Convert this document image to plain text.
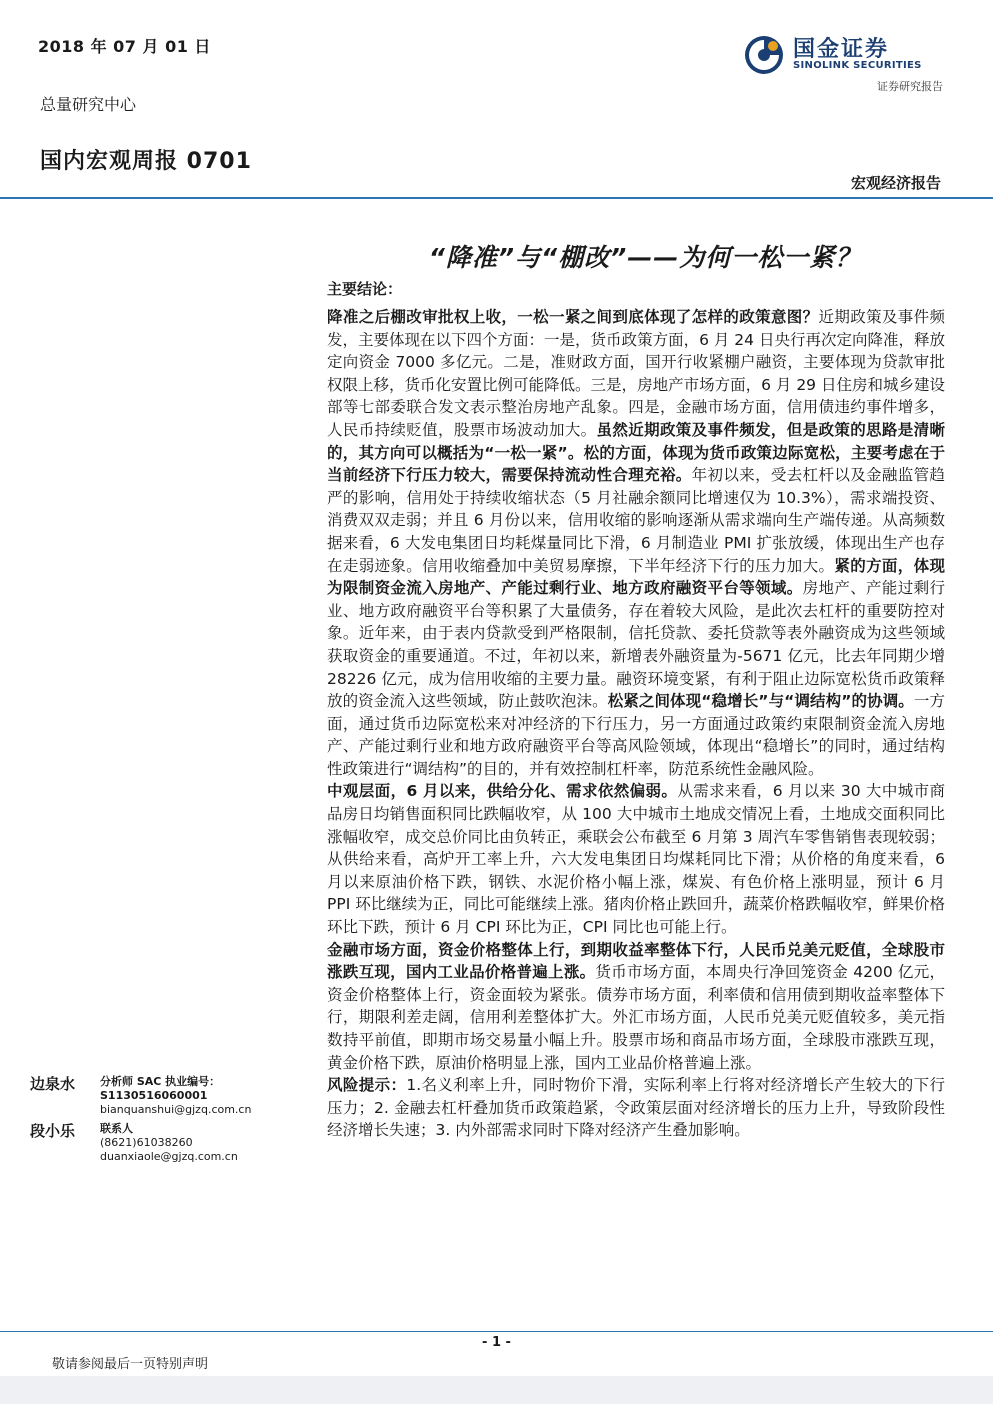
2018 年 07 月 01 日
总量研究中心
国内宏观周报 0701
国金证券
SINOLINK SECURITIES
证券研究报告
宏观经济报告
“降准”与“棚改”——为何一松一紧？
主要结论：

降准之后棚改审批权上收，一松一紧之间到底体现了怎样的政策意图？近期政策及事件频发，主要体现在以下四个方面：一是，货币政策方面，6 月 24 日央行再次定向降准，释放定向资金 7000 多亿元。二是，准财政方面，国开行收紧棚户融资，主要体现为贷款审批权限上移，货币化安置比例可能降低。三是，房地产市场方面，6 月 29 日住房和城乡建设部等七部委联合发文表示整治房地产乱象。四是，金融市场方面，信用债违约事件增多，人民币持续贬值，股票市场波动加大。虽然近期政策及事件频发，但是政策的思路是清晰的，其方向可以概括为“一松一紧”。松的方面，体现为货币政策边际宽松，主要考虑在于当前经济下行压力较大，需要保持流动性合理充裕。年初以来，受去杠杆以及金融监管趋严的影响，信用处于持续收缩状态（5 月社融余额同比增速仅为 10.3%），需求端投资、消费双双走弱；并且 6 月份以来，信用收缩的影响逐渐从需求端向生产端传递。从高频数据来看，6 大发电集团日均耗煤量同比下滑，6 月制造业 PMI 扩张放缓，体现出生产也存在走弱迹象。信用收缩叠加中美贸易摩擦，下半年经济下行的压力加大。紧的方面，体现为限制资金流入房地产、产能过剩行业、地方政府融资平台等领域。房地产、产能过剩行业、地方政府融资平台等积累了大量债务，存在着较大风险，是此次去杠杆的重要防控对象。近年来，由于表内贷款受到严格限制，信托贷款、委托贷款等表外融资成为这些领域获取资金的重要通道。不过，年初以来，新增表外融资量为-5671 亿元，比去年同期少增 28226 亿元，成为信用收缩的主要力量。融资环境变紧，有利于阻止边际宽松货币政策释放的资金流入这些领域，防止鼓吹泡沫。松紧之间体现“稳增长”与“调结构”的协调。一方面，通过货币边际宽松来对冲经济的下行压力，另一方面通过政策约束限制资金流入房地产、产能过剩行业和地方政府融资平台等高风险领域，体现出“稳增长”的同时，通过结构性政策进行“调结构”的目的，并有效控制杠杆率，防范系统性金融风险。

中观层面，6 月以来，供给分化、需求依然偏弱。从需求来看，6 月以来 30 大中城市商品房日均销售面积同比跌幅收窄，从 100 大中城市土地成交情况上看，土地成交面积同比涨幅收窄，成交总价同比由负转正，乘联会公布截至 6 月第 3 周汽车零售销售表现较弱；从供给来看，高炉开工率上升，六大发电集团日均煤耗同比下滑；从价格的角度来看，6 月以来原油价格下跌，钢铁、水泥价格小幅上涨，煤炭、有色价格上涨明显，预计 6 月 PPI 环比继续为正，同比可能继续上涨。猪肉价格止跌回升，蔬菜价格跌幅收窄，鲜果价格环比下跌，预计 6 月 CPI 环比为正，CPI 同比也可能上行。

金融市场方面，资金价格整体上行，到期收益率整体下行，人民币兑美元贬值，全球股市涨跌互现，国内工业品价格普遍上涨。货币市场方面，本周央行净回笼资金 4200 亿元，资金价格整体上行，资金面较为紧张。债券市场方面，利率债和信用债到期收益率整体下行，期限利差走阔，信用利差整体扩大。外汇市场方面，人民币兑美元贬值较多，美元指数持平前值，即期市场交易量小幅上升。股票市场和商品市场方面，全球股市涨跌互现，黄金价格下跌，原油价格明显上涨，国内工业品价格普遍上涨。

风险提示：1.名义利率上升，同时物价下滑，实际利率上行将对经济增长产生较大的下行压力；2. 金融去杠杆叠加货币政策趋紧，令政策层面对经济增长的压力上升，导致阶段性经济增长失速；3. 内外部需求同时下降对经济产生叠加影响。

边泉水 分析师 SAC 执业编号：S1130516060001
bianquanshui@gjzq.com.cn
段小乐 联系人
(8621)61038260
duanxiaole@gjzq.com.cn
- 1 -
敬请参阅最后一页特别声明
